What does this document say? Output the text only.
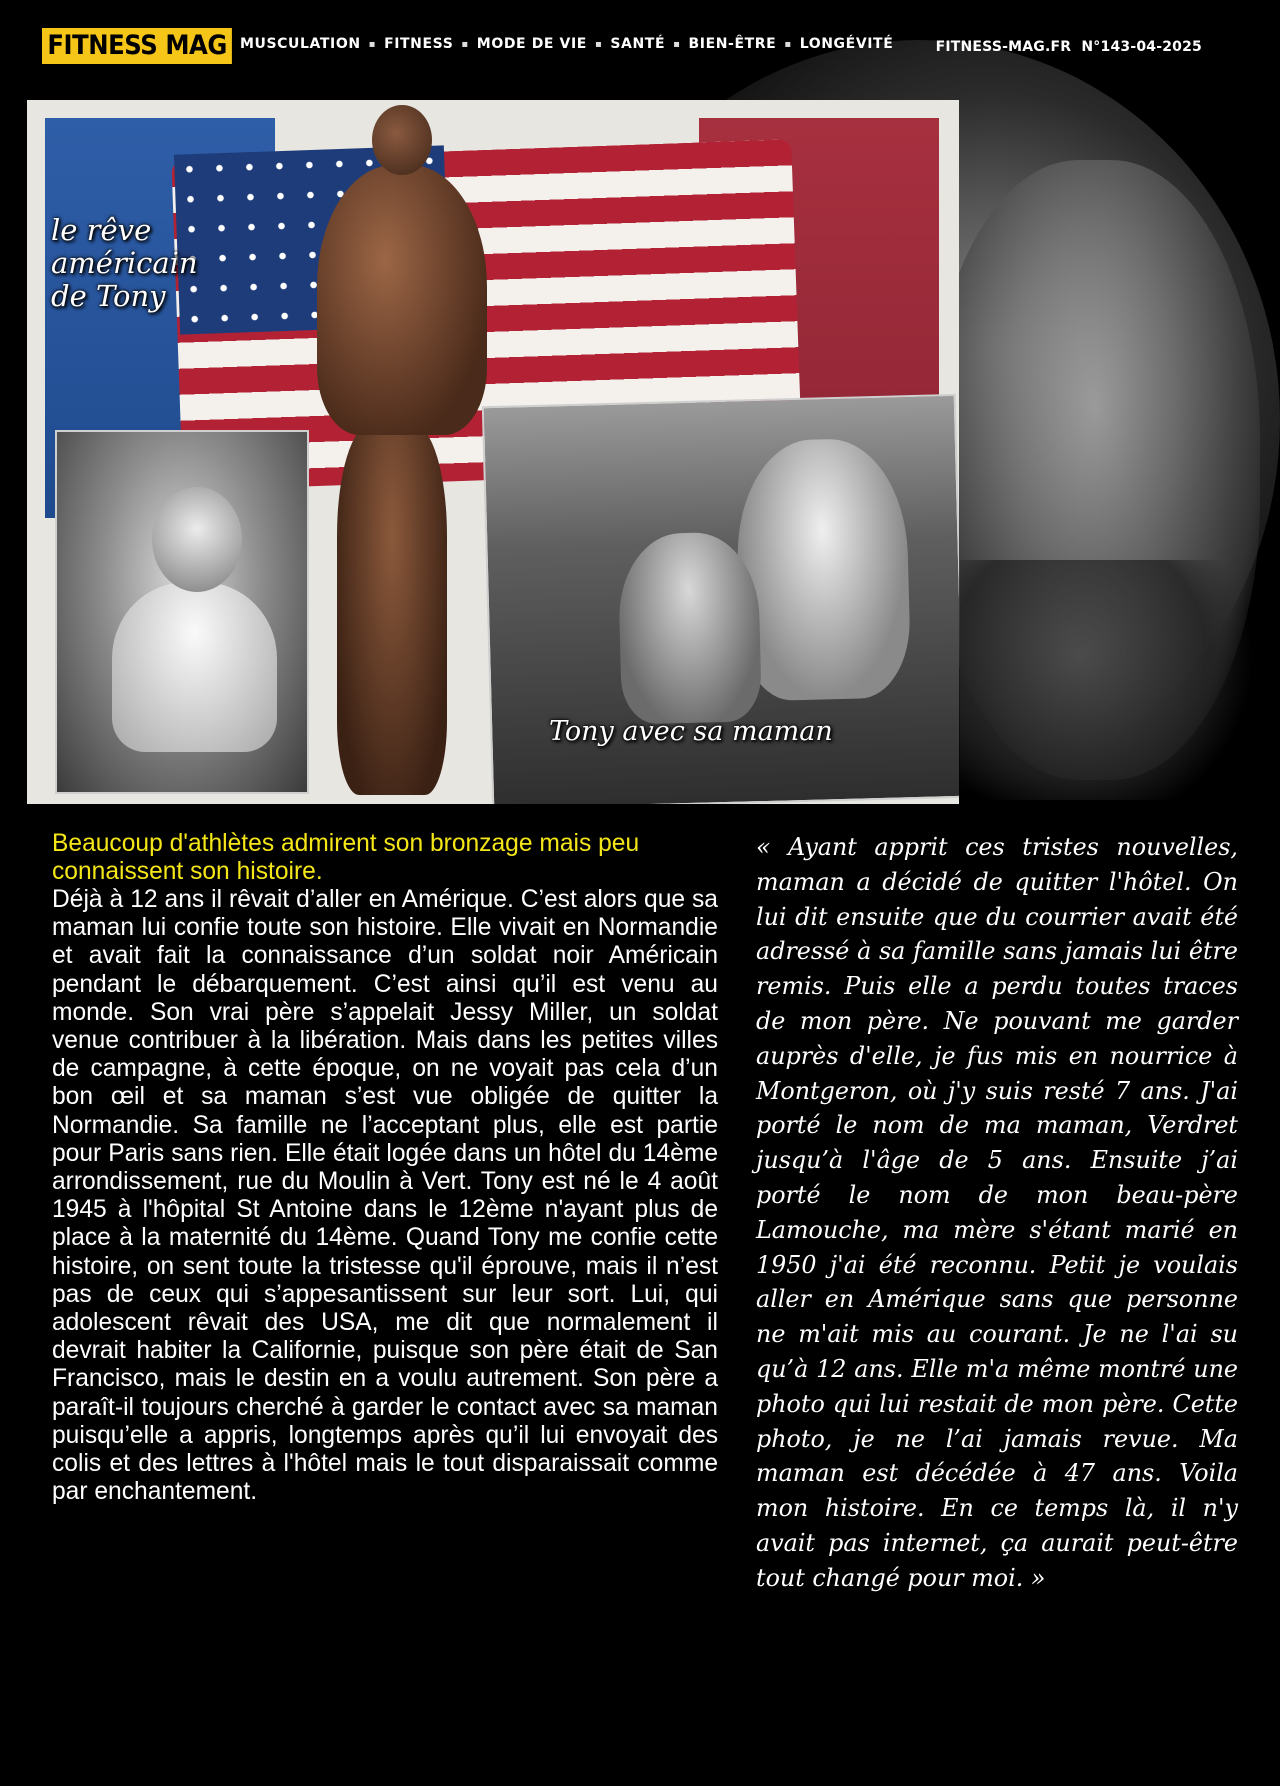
FITNESS MAG MUSCULATION ▪ FITNESS ▪ MODE DE VIE ▪ SANTÉ ▪ BIEN-ÊTRE ▪ LONGÉVITÉ	FITNESS-MAG.FR  N°143-04-2025
le rêve
américain
de Tony
Tony avec sa maman

Beaucoup d'athlètes admirent son bronzage mais peu connaissent son histoire.

Déjà à 12 ans il rêvait d’aller en Amérique. C’est alors que sa maman lui confie toute son histoire. Elle vivait en Normandie et avait fait la connaissance d’un soldat noir Américain pendant le débarquement. C’est ainsi qu’il est venu au monde. Son vrai père s’appelait Jessy Miller, un soldat venue contribuer à la libération. Mais dans les petites villes de campagne, à cette époque, on ne voyait pas cela d’un bon œil et sa maman s’est vue obligée de quitter la Normandie. Sa famille ne l’acceptant plus, elle est partie pour Paris sans rien. Elle était logée dans un hôtel du 14ème arrondissement, rue du Moulin à Vert. Tony est né le 4 août 1945 à l'hôpital St Antoine dans le 12ème n'ayant plus de place à la maternité du 14ème. Quand Tony me confie cette histoire, on sent toute la tristesse qu'il éprouve, mais il n’est pas de ceux qui s’appesantissent sur leur sort. Lui, qui adolescent rêvait des USA, me dit que normalement il devrait habiter la Californie, puisque son père était de San Francisco, mais le destin en a voulu autrement. Son père a paraît-il toujours cherché à garder le contact avec sa maman puisqu’elle a appris, longtemps après qu’il lui envoyait des colis et des lettres à l'hôtel mais le tout disparaissait comme par enchantement.

« Ayant apprit ces tristes nouvelles, maman a décidé de quitter l'hôtel. On lui dit ensuite que du courrier avait été adressé à sa famille sans jamais lui être remis. Puis elle a perdu toutes traces de mon père. Ne pouvant me garder auprès d'elle, je fus mis en nourrice à Montgeron, où j'y suis resté 7 ans. J'ai porté le nom de ma maman, Verdret jusqu’à l'âge de 5 ans. Ensuite j’ai porté le nom de mon beau-père Lamouche, ma mère s'étant marié en 1950 j'ai été reconnu. Petit je voulais aller en Amérique sans que personne ne m'ait mis au courant. Je ne l'ai su qu’à 12 ans. Elle m'a même montré une photo qui lui restait de mon père. Cette photo, je ne l’ai jamais revue. Ma maman est décédée à 47 ans. Voila mon histoire. En ce temps là, il n'y avait pas internet, ça aurait peut-être tout changé pour moi. »
